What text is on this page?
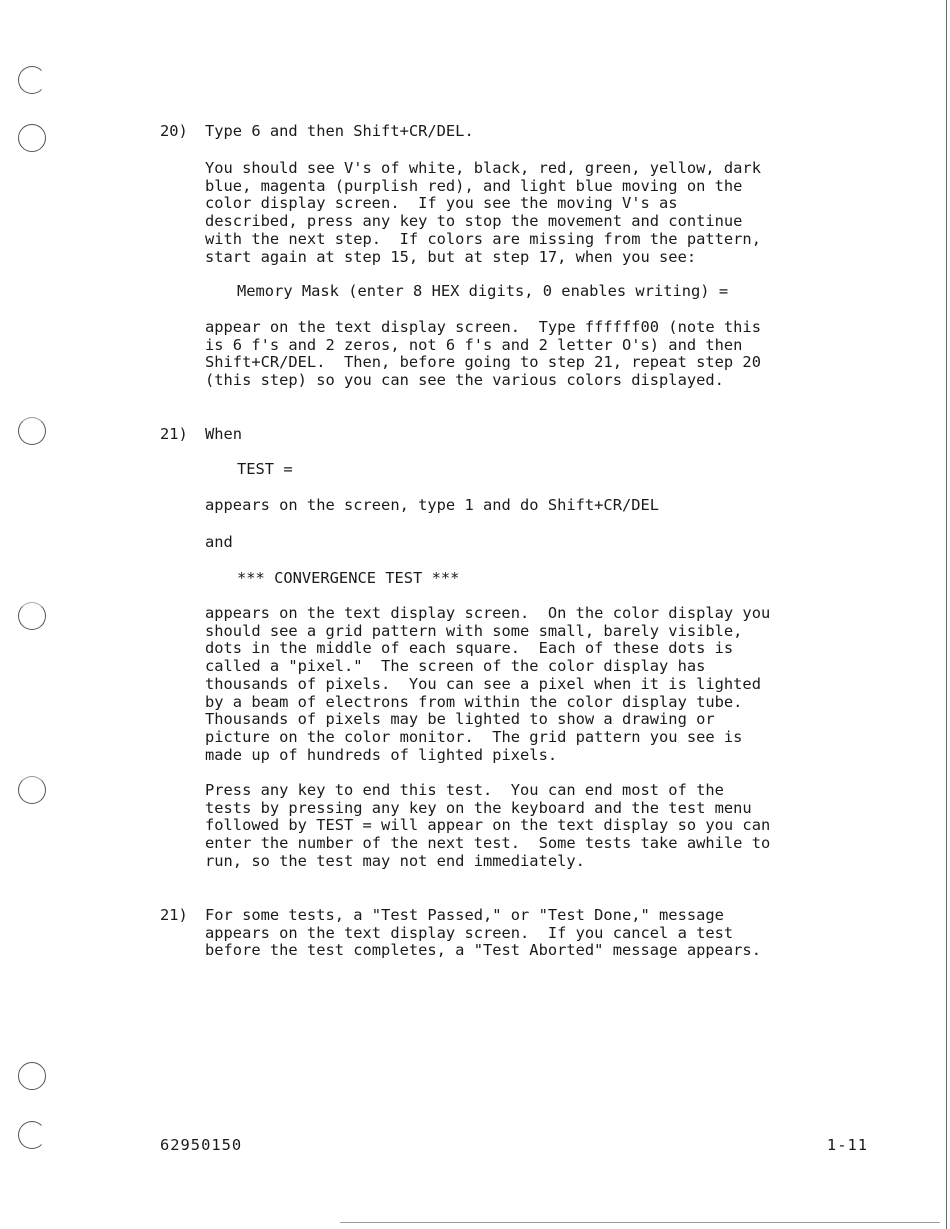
20) Type 6 and then Shift+CR/DEL.
You should see V's of white, black, red, green, yellow, dark
blue, magenta (purplish red), and light blue moving on the
color display screen.  If you see the moving V's as
described, press any key to stop the movement and continue
with the next step.  If colors are missing from the pattern,
start again at step 15, but at step 17, when you see:
Memory Mask (enter 8 HEX digits, 0 enables writing) =
appear on the text display screen.  Type ffffff00 (note this
is 6 f's and 2 zeros, not 6 f's and 2 letter O's) and then
Shift+CR/DEL.  Then, before going to step 21, repeat step 20
(this step) so you can see the various colors displayed.
21) When
TEST =
appears on the screen, type 1 and do Shift+CR/DEL
and
*** CONVERGENCE TEST ***
appears on the text display screen.  On the color display you
should see a grid pattern with some small, barely visible,
dots in the middle of each square.  Each of these dots is
called a "pixel."  The screen of the color display has
thousands of pixels.  You can see a pixel when it is lighted
by a beam of electrons from within the color display tube.
Thousands of pixels may be lighted to show a drawing or
picture on the color monitor.  The grid pattern you see is
made up of hundreds of lighted pixels.
Press any key to end this test.  You can end most of the
tests by pressing any key on the keyboard and the test menu
followed by TEST = will appear on the text display so you can
enter the number of the next test.  Some tests take awhile to
run, so the test may not end immediately.
21) For some tests, a "Test Passed," or "Test Done," message
appears on the text display screen.  If you cancel a test
before the test completes, a "Test Aborted" message appears.
62950150	1-11
